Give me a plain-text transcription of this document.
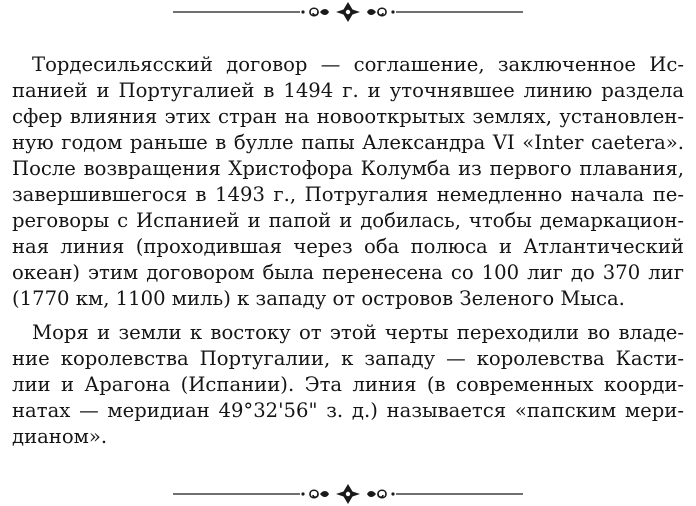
Тордесильясский договор — соглашение, заключенное Ис-
панией и Португалией в 1494 г. и уточнявшее линию раздела
сфер влияния этих стран на новооткрытых землях, установлен-
ную годом раньше в булле папы Александра VI «Inter caetera».
После возвращения Христофора Колумба из первого плавания,
завершившегося в 1493 г., Потругалия немедленно начала пе-
реговоры с Испанией и папой и добилась, чтобы демаркацион-
ная линия (проходившая через оба полюса и Атлантический
океан) этим договором была перенесена со 100 лиг до 370 лиг
(1770 км, 1100 миль) к западу от островов Зеленого Мыса.
Моря и земли к востоку от этой черты переходили во владе-
ние королевства Португалии, к западу — королевства Касти-
лии и Арагона (Испании). Эта линия (в современных коорди-
натах — меридиан 49°32'56" з. д.) называется «папским мери-
дианом».
